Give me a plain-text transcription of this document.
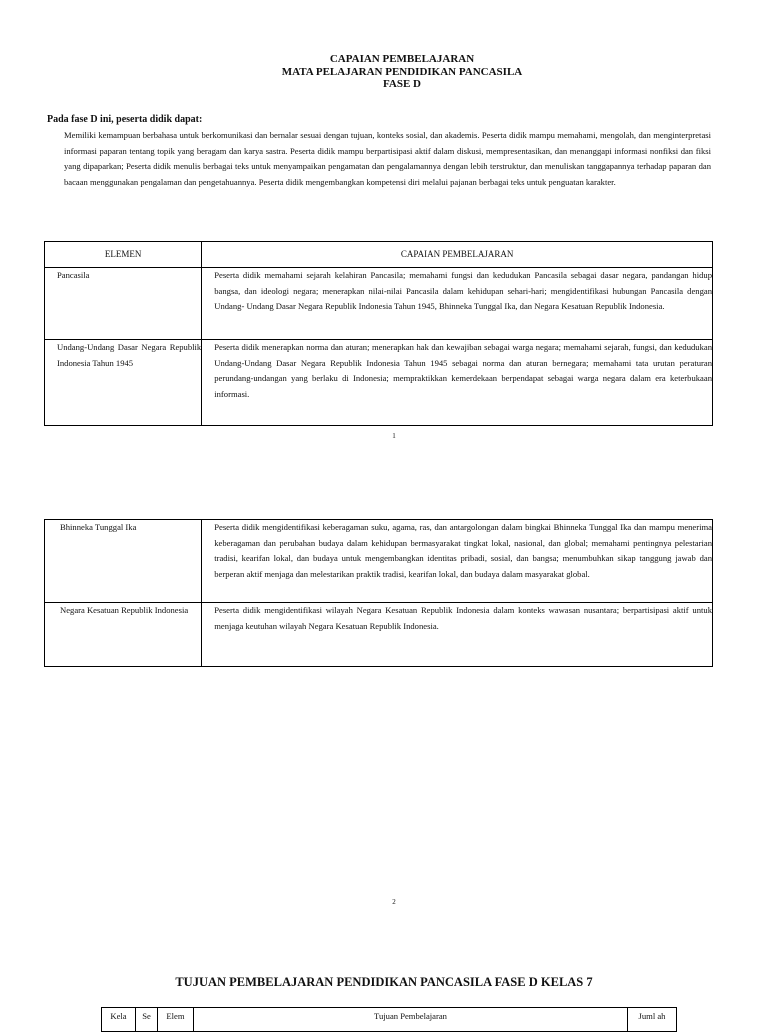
CAPAIAN PEMBELAJARAN
MATA PELAJARAN PENDIDIKAN PANCASILA
FASE D
Pada fase D ini, peserta didik dapat:
Memiliki kemampuan berbahasa untuk berkomunikasi dan bernalar sesuai dengan tujuan, konteks sosial, dan akademis. Peserta didik mampu memahami, mengolah, dan menginterpretasi informasi paparan tentang topik yang beragam dan karya sastra. Peserta didik mampu berpartisipasi aktif dalam diskusi, mempresentasikan, dan menanggapi informasi nonfiksi dan fiksi yang dipaparkan; Peserta didik menulis berbagai teks untuk menyampaikan pengamatan dan pengalamannya dengan lebih terstruktur, dan menuliskan tanggapannya terhadap paparan dan bacaan menggunakan pengalaman dan pengetahuannya. Peserta didik mengembangkan kompetensi diri melalui pajanan berbagai teks untuk penguatan karakter.
ELEMEN	CAPAIAN PEMBELAJARAN
Pancasila	Peserta didik memahami sejarah kelahiran Pancasila; memahami fungsi dan kedudukan Pancasila sebagai dasar negara, pandangan hidup bangsa, dan ideologi negara; menerapkan nilai-nilai Pancasila dalam kehidupan sehari-hari; mengidentifikasi hubungan Pancasila dengan Undang- Undang Dasar Negara Republik Indonesia Tahun 1945, Bhinneka Tunggal Ika, dan Negara Kesatuan Republik Indonesia.
Undang-Undang Dasar Negara Republik Indonesia Tahun 1945	Peserta didik menerapkan norma dan aturan; menerapkan hak dan kewajiban sebagai warga negara; memahami sejarah, fungsi, dan kedudukan Undang-Undang Dasar Negara Republik Indonesia Tahun 1945 sebagai norma dan aturan bernegara; memahami tata urutan peraturan perundang-undangan yang berlaku di Indonesia; mempraktikkan kemerdekaan berpendapat sebagai warga negara dalam era keterbukaan informasi.
1
Bhinneka Tunggal Ika	Peserta didik mengidentifikasi keberagaman suku, agama, ras, dan antargolongan dalam bingkai Bhinneka Tunggal Ika dan mampu menerima keberagaman dan perubahan budaya dalam kehidupan bermasyarakat tingkat lokal, nasional, dan global; memahami pentingnya pelestarian tradisi, kearifan lokal, dan budaya untuk mengembangkan identitas pribadi, sosial, dan bangsa; menumbuhkan sikap tanggung jawab dan berperan aktif menjaga dan melestarikan praktik tradisi, kearifan lokal, dan budaya dalam masyarakat global.
Negara Kesatuan Republik Indonesia	Peserta didik mengidentifikasi wilayah Negara Kesatuan Republik Indonesia dalam konteks wawasan nusantara; berpartisipasi aktif untuk menjaga keutuhan wilayah Negara Kesatuan Republik Indonesia.
2
TUJUAN PEMBELAJARAN PENDIDIKAN PANCASILA FASE D KELAS 7
Kela	Se	Elem	Tujuan Pembelajaran	Juml ah
